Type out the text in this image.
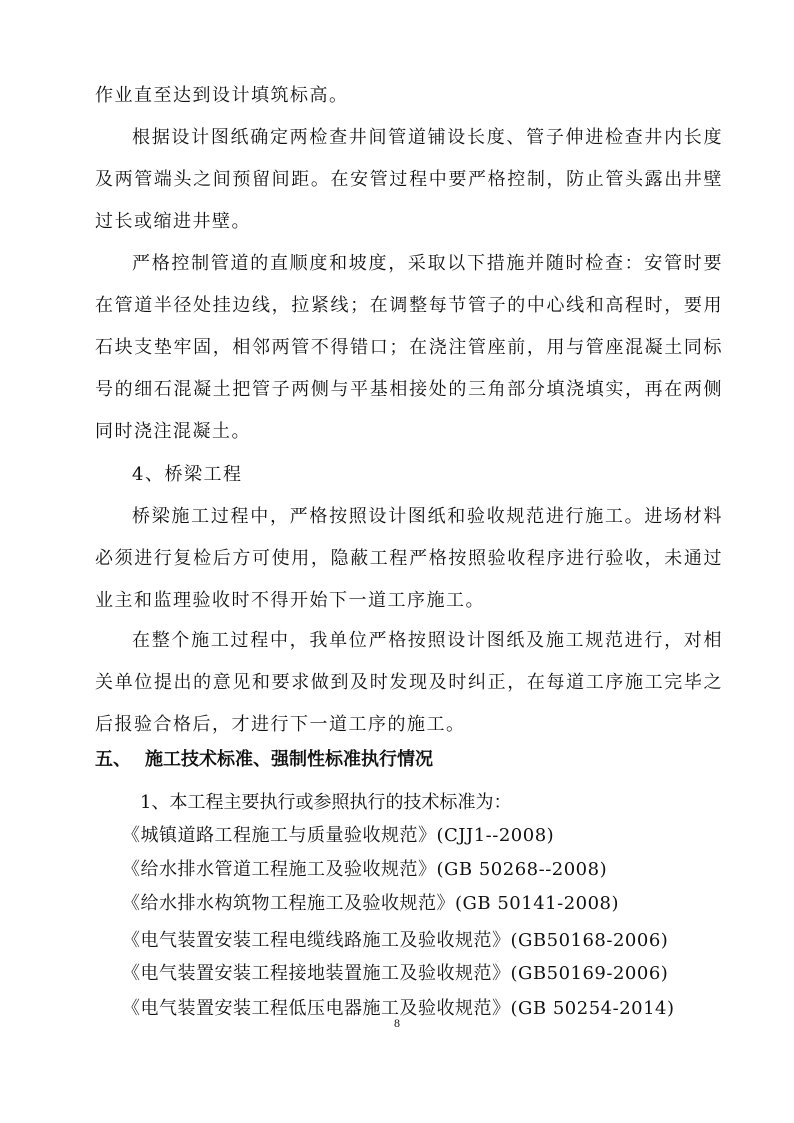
作业直至达到设计填筑标高。

根据设计图纸确定两检查井间管道铺设长度、管子伸进检查井内长度及两管端头之间预留间距。在安管过程中要严格控制，防止管头露出井壁过长或缩进井壁。

严格控制管道的直顺度和坡度，采取以下措施并随时检查：安管时要在管道半径处挂边线，拉紧线；在调整每节管子的中心线和高程时，要用石块支垫牢固，相邻两管不得错口；在浇注管座前，用与管座混凝土同标号的细石混凝土把管子两侧与平基相接处的三角部分填浇填实，再在两侧同时浇注混凝土。

4、桥梁工程

桥梁施工过程中，严格按照设计图纸和验收规范进行施工。进场材料必须进行复检后方可使用，隐蔽工程严格按照验收程序进行验收，未通过业主和监理验收时不得开始下一道工序施工。

在整个施工过程中，我单位严格按照设计图纸及施工规范进行，对相关单位提出的意见和要求做到及时发现及时纠正，在每道工序施工完毕之后报验合格后，才进行下一道工序的施工。

五、 施工技术标准、强制性标准执行情况

1、本工程主要执行或参照执行的技术标准为：

《城镇道路工程施工与质量验收规范》(CJJ1--2008)

《给水排水管道工程施工及验收规范》(GB 50268--2008)

《给水排水构筑物工程施工及验收规范》(GB 50141-2008)

《电气装置安装工程电缆线路施工及验收规范》(GB50168-2006)

《电气装置安装工程接地装置施工及验收规范》(GB50169-2006)

《电气装置安装工程低压电器施工及验收规范》(GB 50254-2014)

8
